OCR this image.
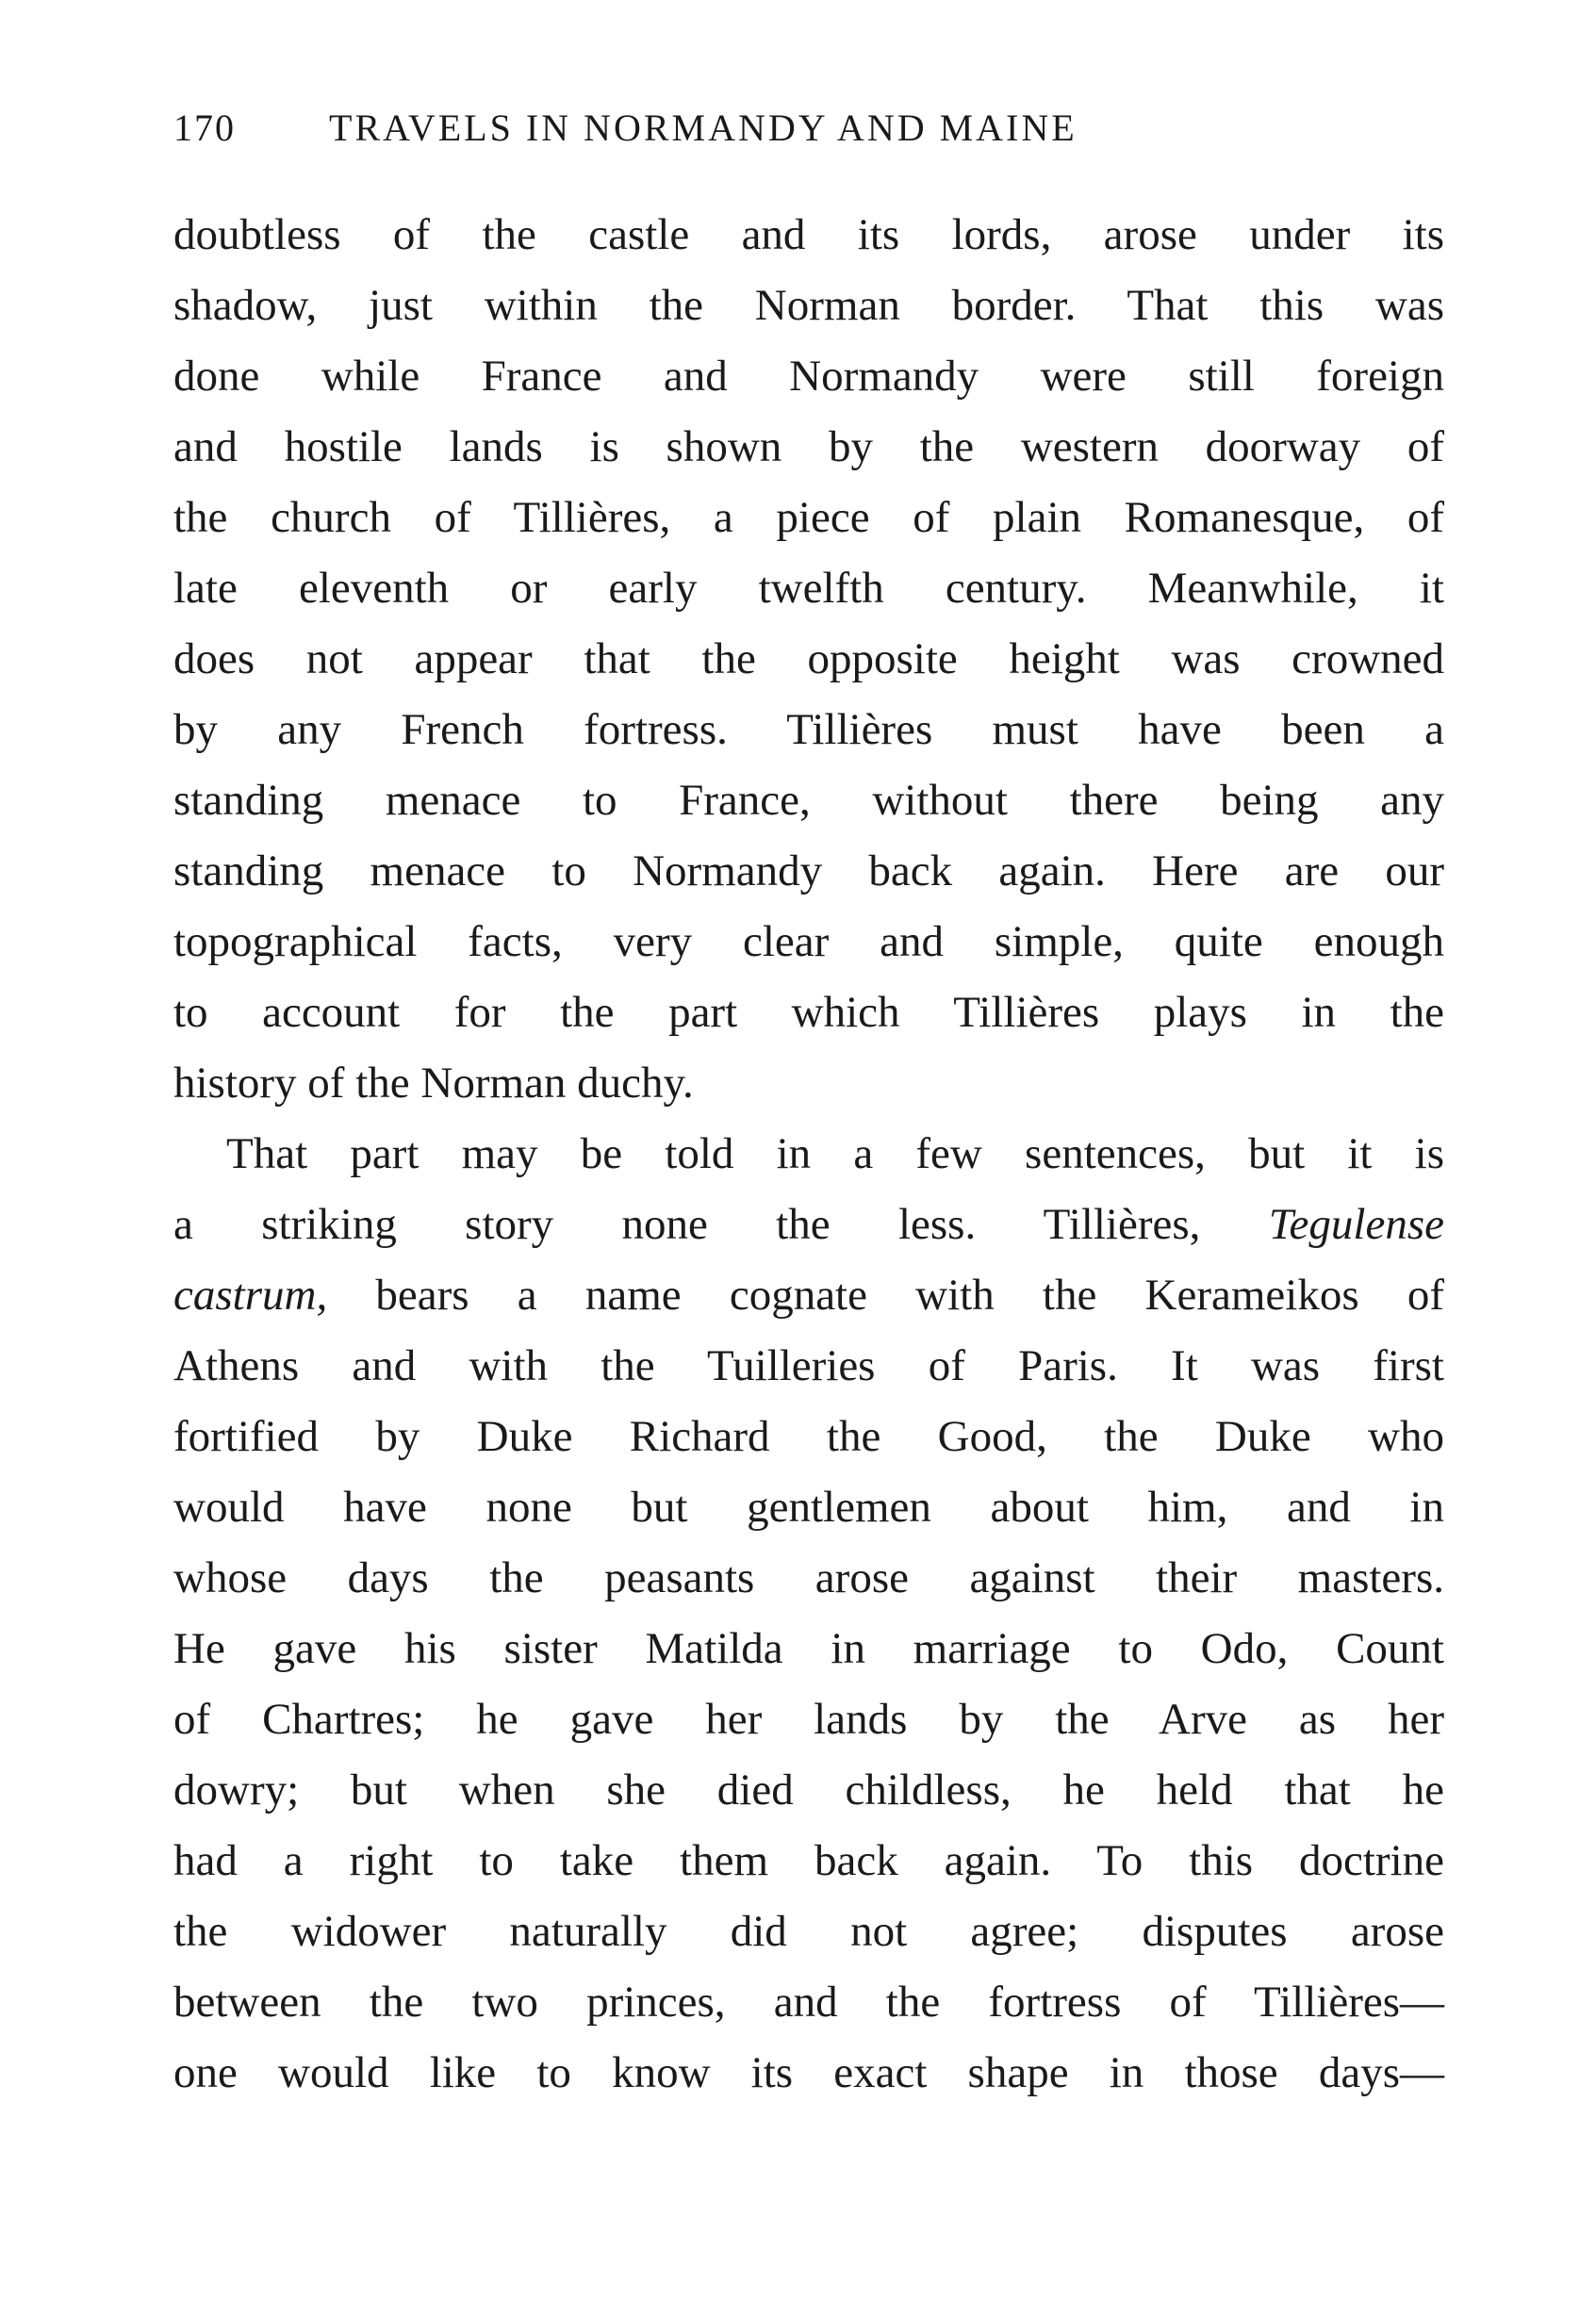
170 TRAVELS IN NORMANDY AND MAINE
doubtless of the castle and its lords, arose under its
shadow, just within the Norman border. That this was
done while France and Normandy were still foreign
and hostile lands is shown by the western doorway of
the church of Tillières, a piece of plain Romanesque, of
late eleventh or early twelfth century. Meanwhile, it
does not appear that the opposite height was crowned
by any French fortress. Tillières must have been a
standing menace to France, without there being any
standing menace to Normandy back again. Here are our
topographical facts, very clear and simple, quite enough
to account for the part which Tillières plays in the
history of the Norman duchy.
That part may be told in a few sentences, but it is
a striking story none the less. Tillières, Tegulense
castrum, bears a name cognate with the Kerameikos of
Athens and with the Tuilleries of Paris. It was first
fortified by Duke Richard the Good, the Duke who
would have none but gentlemen about him, and in
whose days the peasants arose against their masters.
He gave his sister Matilda in marriage to Odo, Count
of Chartres; he gave her lands by the Arve as her
dowry; but when she died childless, he held that he
had a right to take them back again. To this doctrine
the widower naturally did not agree; disputes arose
between the two princes, and the fortress of Tillières—
one would like to know its exact shape in those days—
